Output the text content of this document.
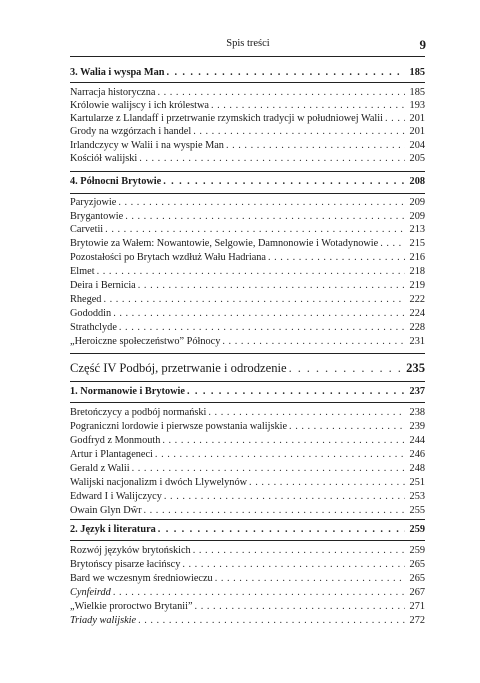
Spis treści	9
3. Walia i wyspa Man . . .	185
Narracja historyczna . . .	185
Królowie walijscy i ich królestwa . . .	193
Kartularze z Llandaff i przetrwanie rzymskich tradycji w południowej Walii . . .	201
Grody na wzgórzach i handel . . .	201
Irlandczycy w Walii i na wyspie Man . . .	204
Kościół walijski . . .	205
4. Północni Brytowie . . .	208
Paryzjowie . . .	209
Brygantowie . . .	209
Carvetii . . .	213
Brytowie za Wałem: Nowantowie, Selgowie, Damnonowie i Wotadynowie . . .	215
Pozostałości po Brytach wzdłuż Wału Hadriana . . .	216
Elmet . . .	218
Deira i Bernicia . . .	219
Rheged . . .	222
Gododdin . . .	224
Strathclyde . . .	228
„Heroiczne społeczeństwo” Północy . . .	231
Część IV Podbój, przetrwanie i odrodzenie . . .	235
1. Normanowie i Brytowie . . .	237
Bretończycy a podbój normański . . .	238
Pograniczni lordowie i pierwsze powstania walijskie . . .	239
Godfryd z Monmouth . . .	244
Artur i Plantageneci . . .	246
Gerald z Walii . . .	248
Walijski nacjonalizm i dwóch Llywelynów . . .	251
Edward I i Walijczycy . . .	253
Owain Glyn Dŵr . . .	255
2. Język i literatura . . .	259
Rozwój języków brytońskich . . .	259
Brytońscy pisarze łacińscy . . .	265
Bard we wczesnym średniowieczu . . .	265
Cynfeirdd . . .	267
„Wielkie proroctwo Brytanii” . . .	271
Triady walijskie . . .	272
